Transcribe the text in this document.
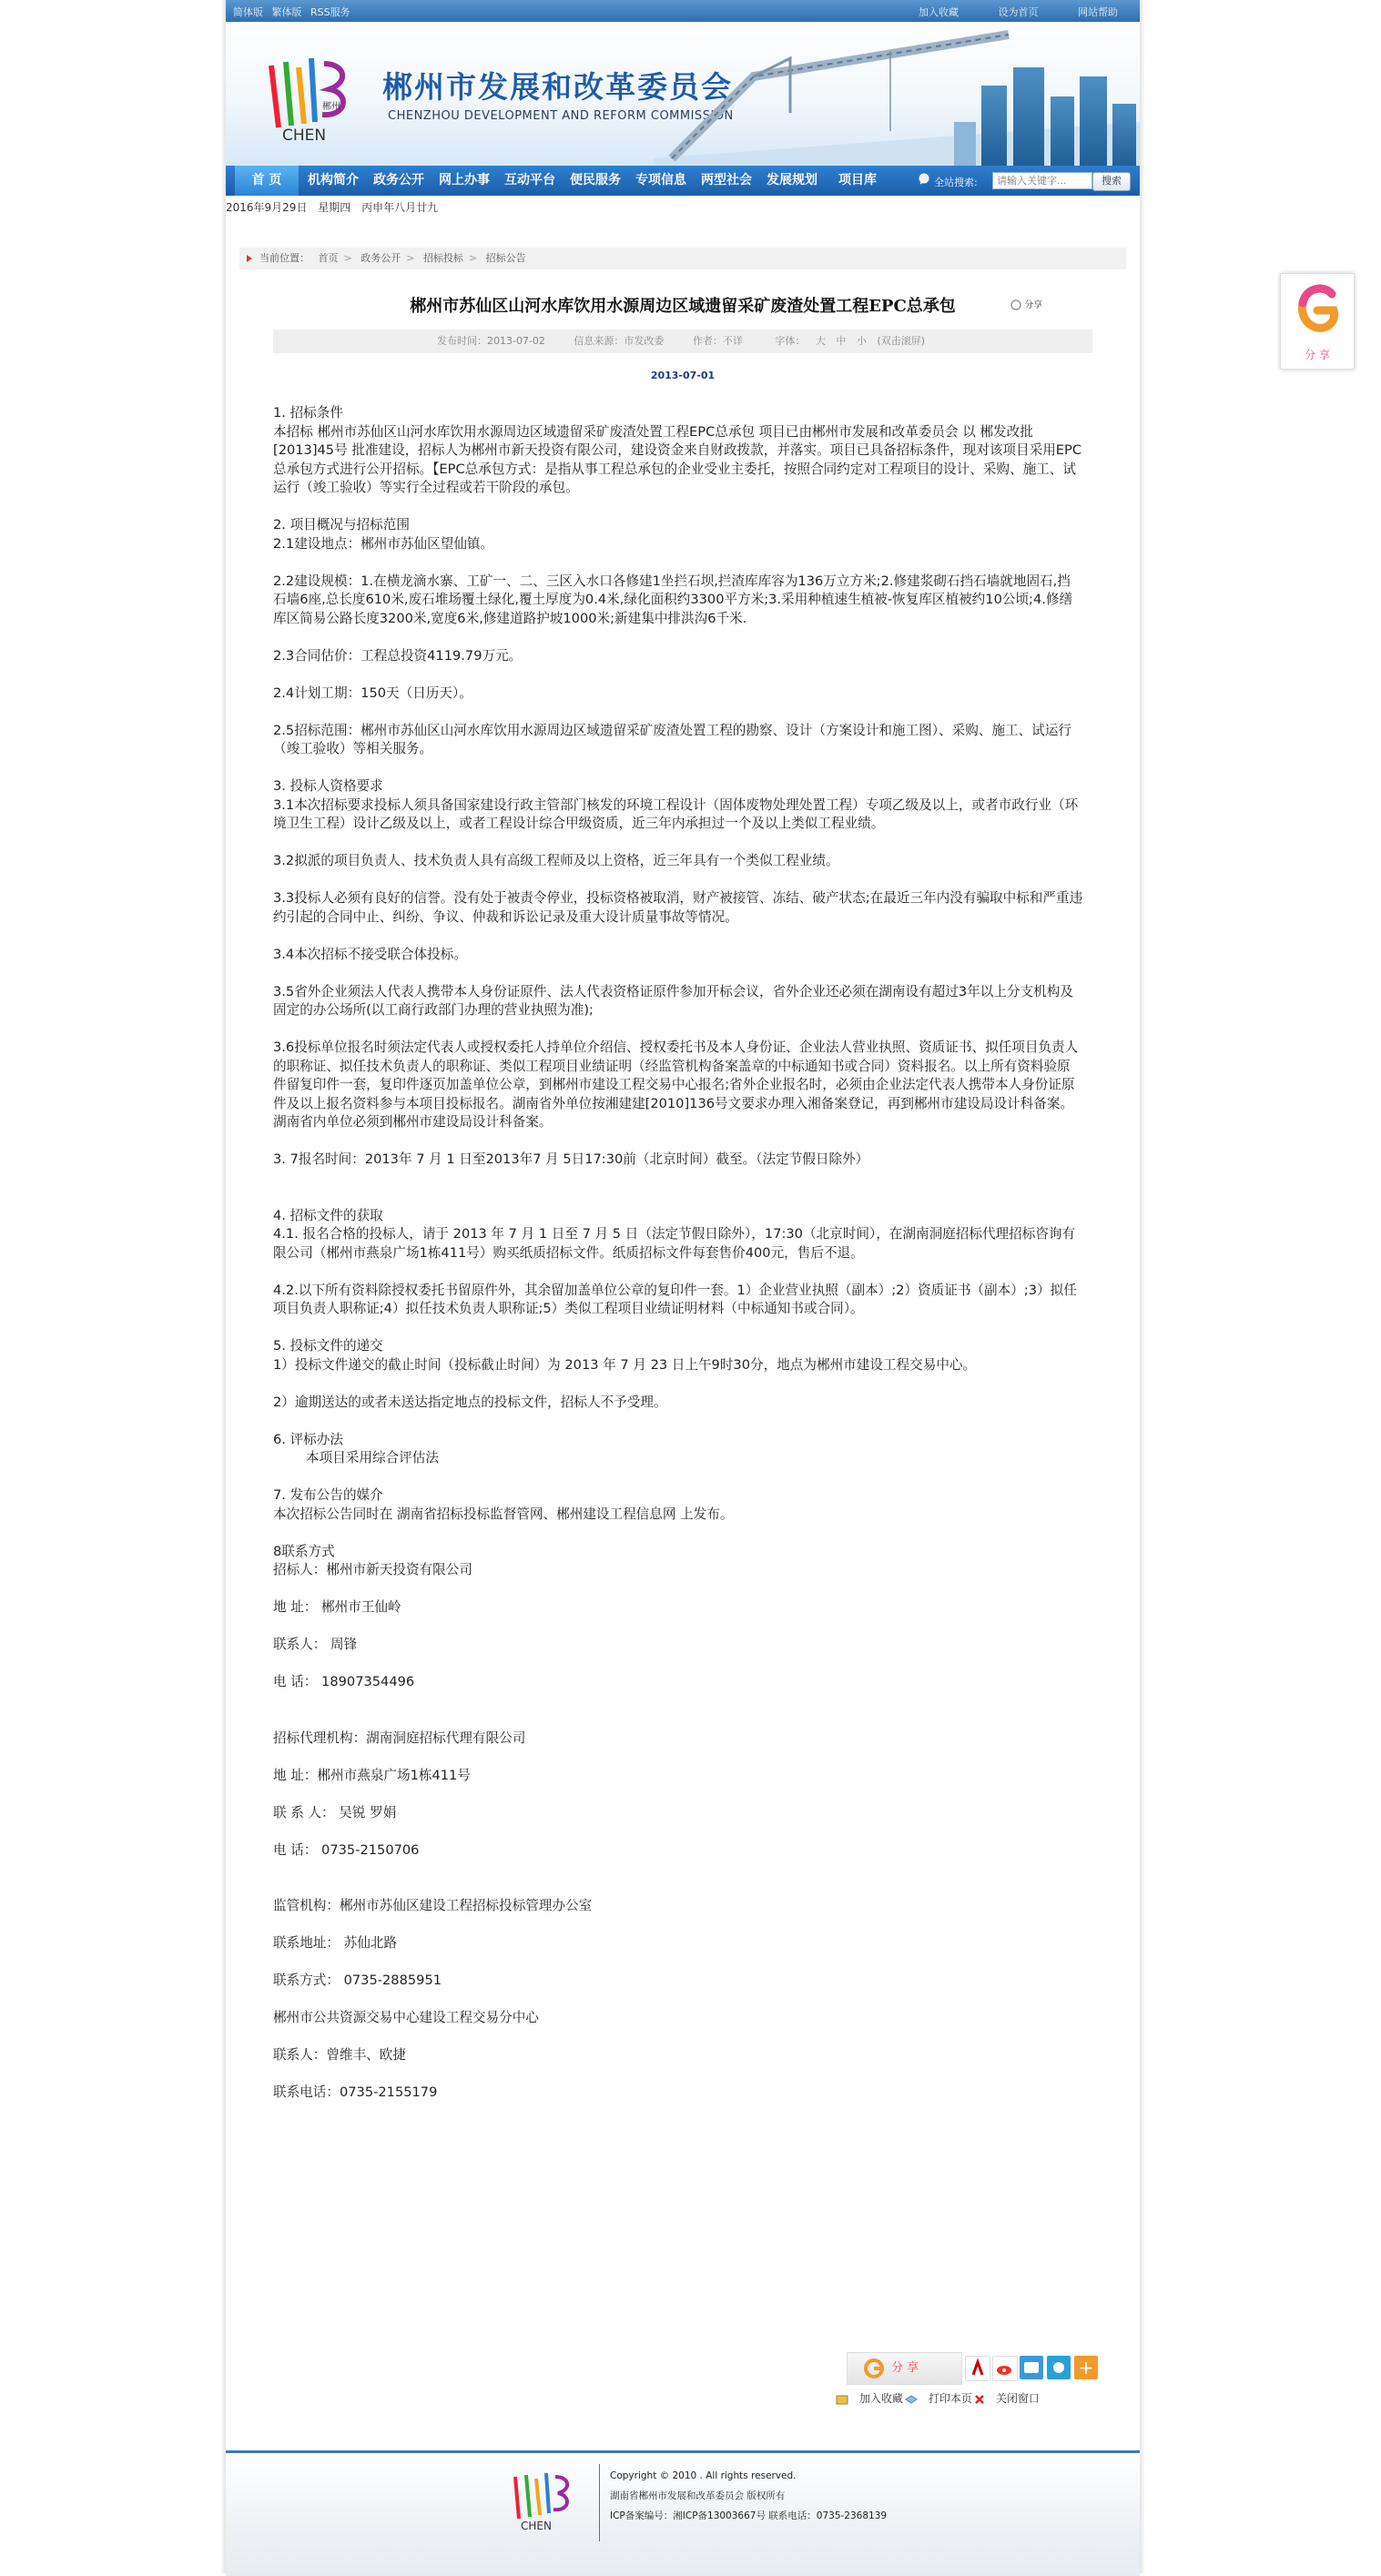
简体版 繁体版 RSS服务	加入收藏	设为首页	网站帮助
郴州
CHEN
郴州市发展和改革委员会
CHENZHOU DEVELOPMENT AND REFORM COMMISSION
首 页	机构简介	政务公开	网上办事	互动平台	便民服务	专项信息	两型社会	发展规划	项目库	全站搜索:
请输入关键字...	搜索
2016年9月29日 星期四 丙申年八月廿九
当前位置： 首页 > 政务公开 > 招标投标 > 招标公告
郴州市苏仙区山河水库饮用水源周边区域遗留采矿废渣处置工程EPC总承包	分享
发布时间：2013-07-02	信息来源：市发改委	作者：不详	字体： 大 中 小 (双击滚屏)
2013-07-01

1. 招标条件

本招标 郴州市苏仙区山河水库饮用水源周边区域遗留采矿废渣处置工程EPC总承包 项目已由郴州市发展和改革委员会 以 郴发改批[2013]45号 批准建设，招标人为郴州市新天投资有限公司，建设资金来自财政拨款，并落实。项目已具备招标条件，现对该项目采用EPC总承包方式进行公开招标。【EPC总承包方式：是指从事工程总承包的企业受业主委托，按照合同约定对工程项目的设计、采购、施工、试运行（竣工验收）等实行全过程或若干阶段的承包。

2. 项目概况与招标范围

2.1建设地点：郴州市苏仙区望仙镇。

2.2建设规模：1.在横龙滴水寨、工矿一、二、三区入水口各修建1坐拦石坝,拦渣库库容为136万立方米;2.修建浆砌石挡石墙就地固石,挡石墙6座,总长度610米,废石堆场覆土绿化,覆土厚度为0.4米,绿化面积约3300平方米;3.采用种植速生植被-恢复库区植被约10公顷;4.修缮库区简易公路长度3200米,宽度6米,修建道路护坡1000米;新建集中排洪沟6千米.

2.3合同估价：工程总投资4119.79万元。

2.4计划工期：150天（日历天）。

2.5招标范围：郴州市苏仙区山河水库饮用水源周边区域遗留采矿废渣处置工程的勘察、设计（方案设计和施工图）、采购、施工、试运行（竣工验收）等相关服务。

3. 投标人资格要求

3.1本次招标要求投标人须具备国家建设行政主管部门核发的环境工程设计（固体废物处理处置工程）专项乙级及以上，或者市政行业（环境卫生工程）设计乙级及以上，或者工程设计综合甲级资质，近三年内承担过一个及以上类似工程业绩。

3.2拟派的项目负责人、技术负责人具有高级工程师及以上资格，近三年具有一个类似工程业绩。

3.3投标人必须有良好的信誉。没有处于被责令停业，投标资格被取消，财产被接管、冻结、破产状态;在最近三年内没有骗取中标和严重违约引起的合同中止、纠纷、争议、仲裁和诉讼记录及重大设计质量事故等情况。

3.4本次招标不接受联合体投标。

3.5省外企业须法人代表人携带本人身份证原件、法人代表资格证原件参加开标会议，省外企业还必须在湖南设有超过3年以上分支机构及固定的办公场所(以工商行政部门办理的营业执照为准);

3.6投标单位报名时须法定代表人或授权委托人持单位介绍信、授权委托书及本人身份证、企业法人营业执照、资质证书、拟任项目负责人的职称证、拟任技术负责人的职称证、类似工程项目业绩证明（经监管机构备案盖章的中标通知书或合同）资料报名。以上所有资料验原件留复印件一套，复印件逐页加盖单位公章，到郴州市建设工程交易中心报名;省外企业报名时，必须由企业法定代表人携带本人身份证原件及以上报名资料参与本项目投标报名。湖南省外单位按湘建建[2010]136号文要求办理入湘备案登记，再到郴州市建设局设计科备案。湖南省内单位必须到郴州市建设局设计科备案。

3. 7报名时间：2013年 7 月 1 日至2013年7 月 5日17:30前（北京时间）截至。（法定节假日除外）

4. 招标文件的获取

4.1. 报名合格的投标人，请于 2013 年 7 月 1 日至 7 月 5 日（法定节假日除外），17:30（北京时间），在湖南洞庭招标代理招标咨询有限公司（郴州市燕泉广场1栋411号）购买纸质招标文件。纸质招标文件每套售价400元，售后不退。

4.2.以下所有资料除授权委托书留原件外，其余留加盖单位公章的复印件一套。1）企业营业执照（副本）;2）资质证书（副本）;3）拟任项目负责人职称证;4）拟任技术负责人职称证;5）类似工程项目业绩证明材料（中标通知书或合同）。

5. 投标文件的递交

1）投标文件递交的截止时间（投标截止时间）为 2013 年 7 月 23 日上午9时30分，地点为郴州市建设工程交易中心。

2）逾期送达的或者未送达指定地点的投标文件，招标人不予受理。

6. 评标办法

本项目采用综合评估法

7. 发布公告的媒介

本次招标公告同时在 湖南省招标投标监督管网、郴州建设工程信息网 上发布。

8联系方式

招标人：郴州市新天投资有限公司

地 址： 郴州市王仙岭

联系人： 周锋

电 话： 18907354496

招标代理机构：湖南洞庭招标代理有限公司

地 址：郴州市燕泉广场1栋411号

联 系 人： 吴锐 罗娟

电 话： 0735-2150706

监管机构：郴州市苏仙区建设工程招标投标管理办公室

联系地址： 苏仙北路

联系方式： 0735-2885951

郴州市公共资源交易中心建设工程交易分中心

联系人：曾维丰、欧捷

联系电话：0735-2155179

分 享	+
加入收藏	打印本页	关闭窗口
CHEN
Copyright © 2010 . All rights reserved.
湖南省郴州市发展和改革委员会 版权所有
ICP备案编号：湘ICP备13003667号 联系电话：0735-2368139
分 享
